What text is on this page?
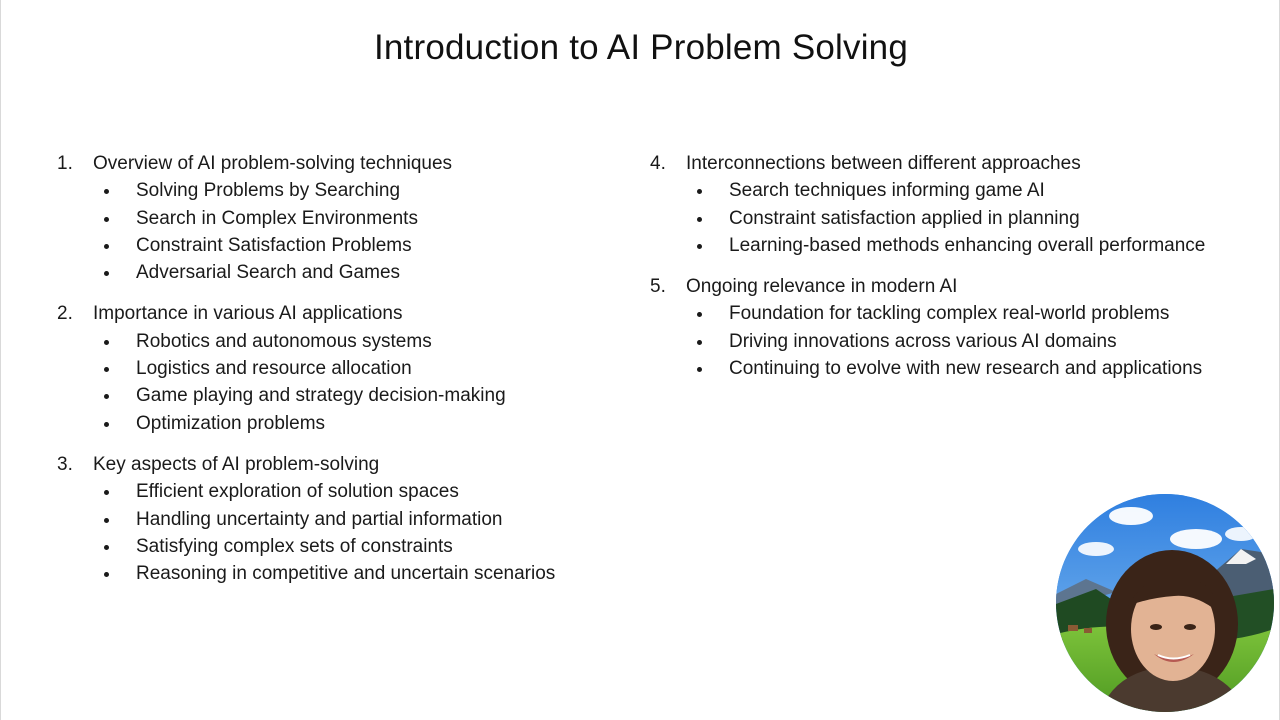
Introduction to AI Problem Solving
1. Overview of AI problem-solving techniques
Solving Problems by Searching
Search in Complex Environments
Constraint Satisfaction Problems
Adversarial Search and Games
2. Importance in various AI applications
Robotics and autonomous systems
Logistics and resource allocation
Game playing and strategy decision-making
Optimization problems
3. Key aspects of AI problem-solving
Efficient exploration of solution spaces
Handling uncertainty and partial information
Satisfying complex sets of constraints
Reasoning in competitive and uncertain scenarios
4. Interconnections between different approaches
Search techniques informing game AI
Constraint satisfaction applied in planning
Learning-based methods enhancing overall performance
5. Ongoing relevance in modern AI
Foundation for tackling complex real-world problems
Driving innovations across various AI domains
Continuing to evolve with new research and applications
